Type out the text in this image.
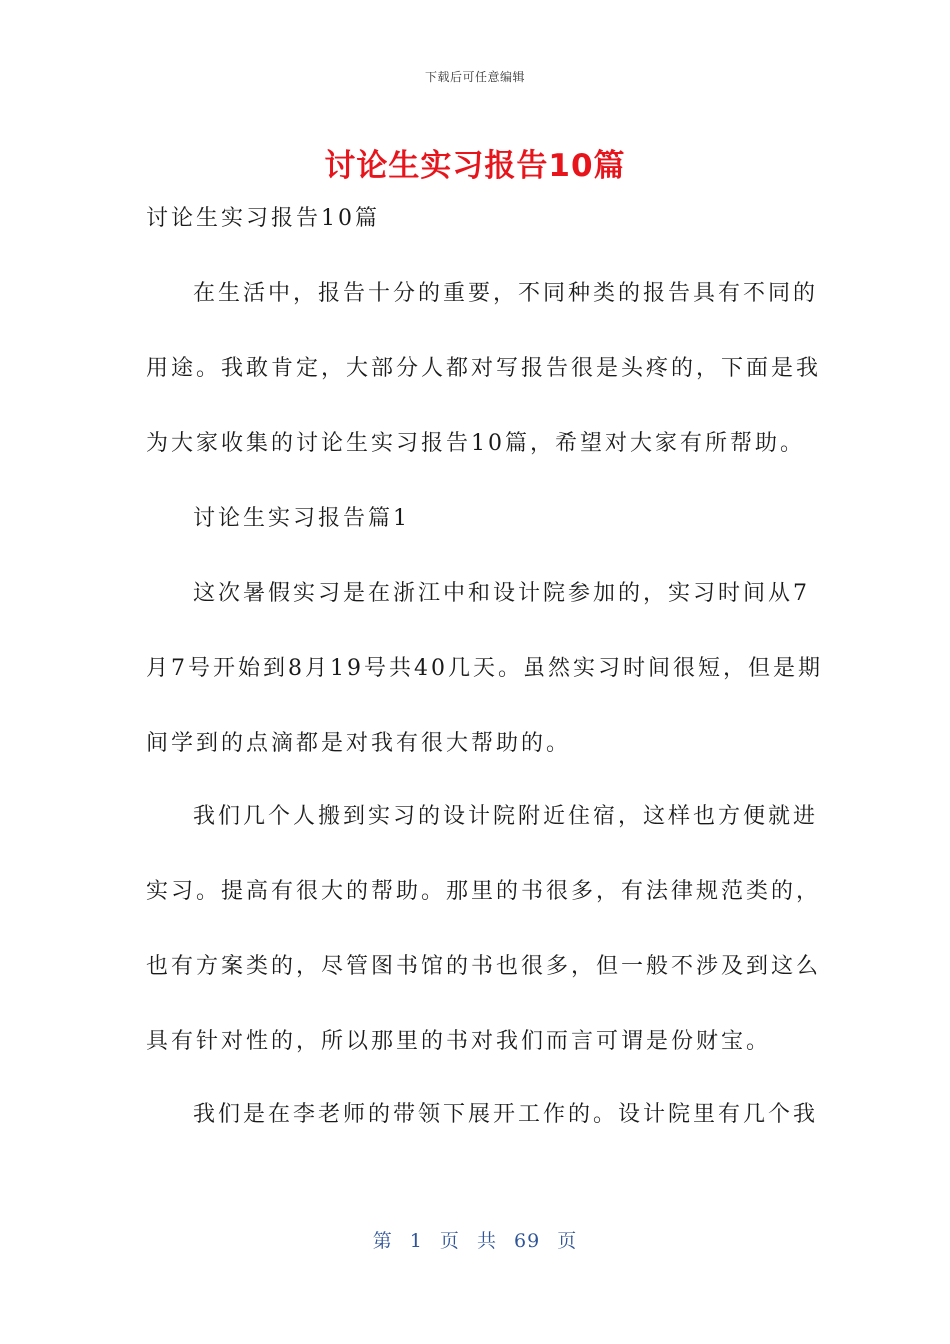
下载后可任意编辑
讨论生实习报告10篇
讨论生实习报告10篇
在生活中，报告十分的重要，不同种类的报告具有不同的
用途。我敢肯定，大部分人都对写报告很是头疼的，下面是我
为大家收集的讨论生实习报告10篇，希望对大家有所帮助。
讨论生实习报告篇1
这次暑假实习是在浙江中和设计院参加的，实习时间从7
月7号开始到8月19号共40几天。虽然实习时间很短，但是期
间学到的点滴都是对我有很大帮助的。
我们几个人搬到实习的设计院附近住宿，这样也方便就进
实习。提高有很大的帮助。那里的书很多，有法律规范类的，
也有方案类的，尽管图书馆的书也很多，但一般不涉及到这么
具有针对性的，所以那里的书对我们而言可谓是份财宝。
我们是在李老师的带领下展开工作的。设计院里有几个我
第 1 页 共 69 页
